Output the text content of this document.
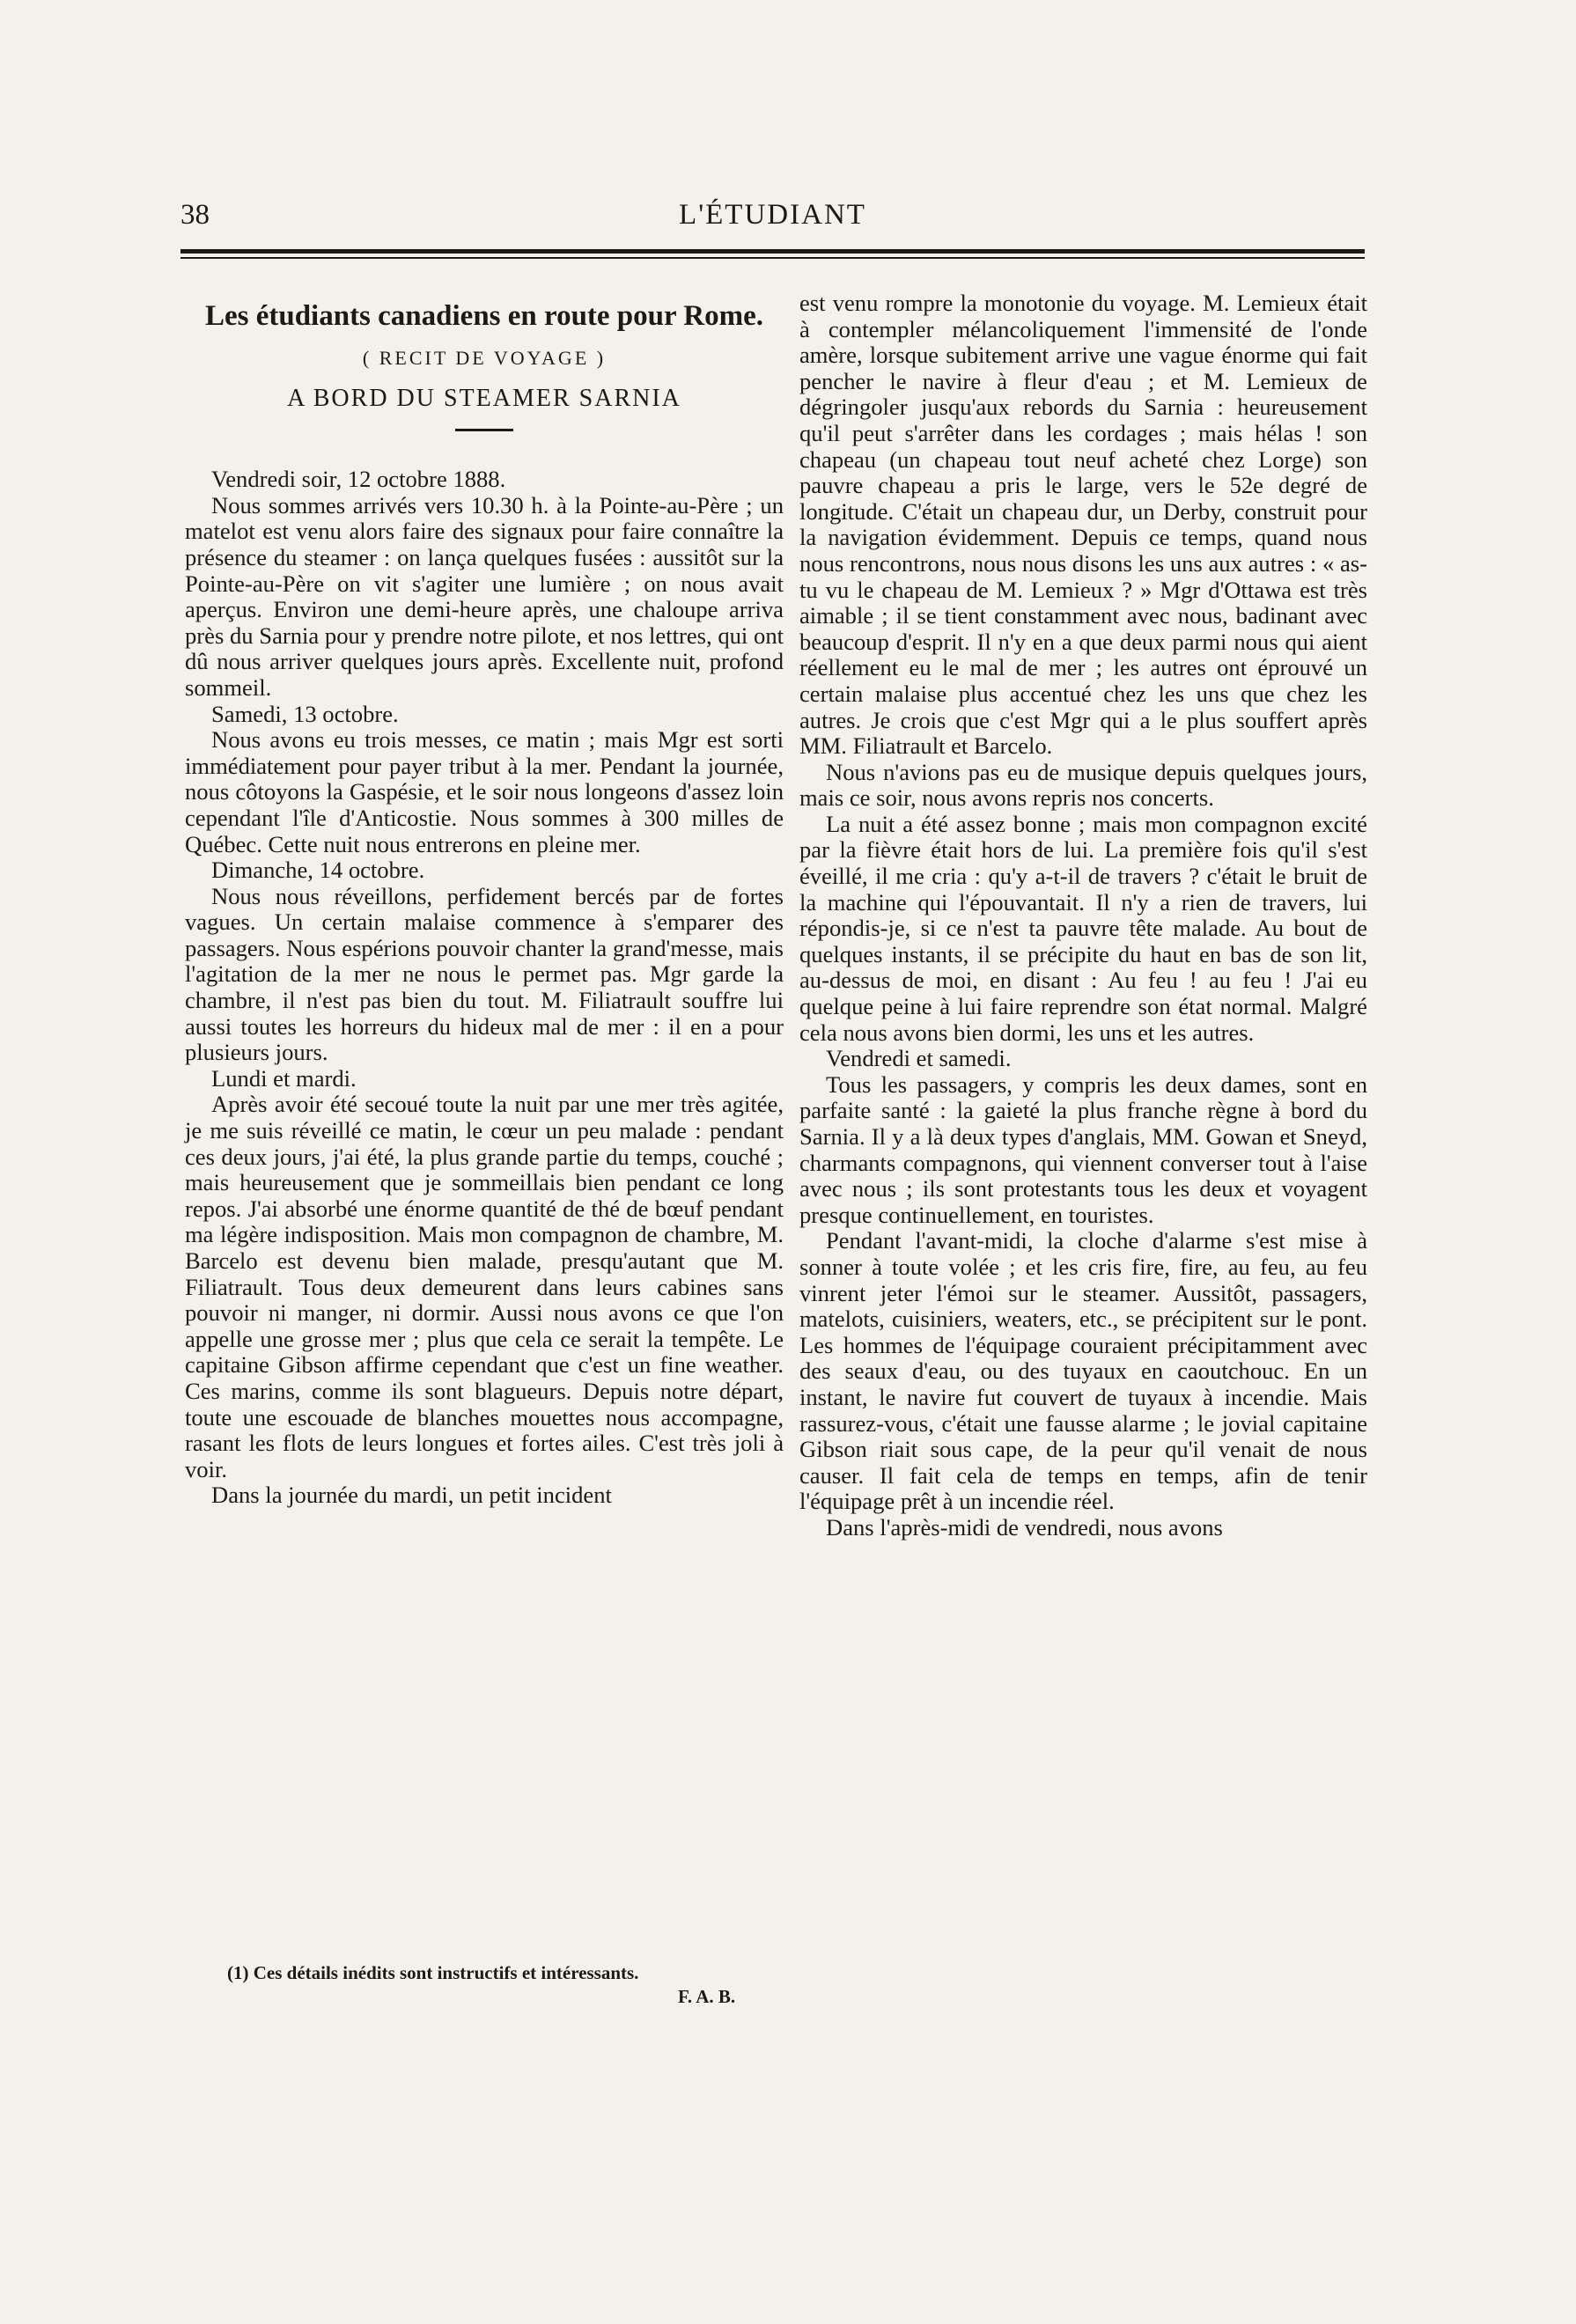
38	L'ÉTUDIANT
Les étudiants canadiens en route pour Rome.
( RECIT DE VOYAGE )
A BORD DU STEAMER SARNIA

Vendredi soir, 12 octobre 1888.

Nous sommes arrivés vers 10.30 h. à la Pointe-au-Père ; un matelot est venu alors faire des signaux pour faire connaître la présence du steamer : on lança quelques fusées : aussitôt sur la Pointe-au-Père on vit s'agiter une lumière ; on nous avait aperçus. Environ une demi-heure après, une chaloupe arriva près du Sarnia pour y prendre notre pilote, et nos lettres, qui ont dû nous arriver quelques jours après. Excellente nuit, profond sommeil.

Samedi, 13 octobre.

Nous avons eu trois messes, ce matin ; mais Mgr est sorti immédiatement pour payer tribut à la mer. Pendant la journée, nous côtoyons la Gaspésie, et le soir nous longeons d'assez loin cependant l'île d'Anticostie. Nous sommes à 300 milles de Québec. Cette nuit nous entrerons en pleine mer.

Dimanche, 14 octobre.

Nous nous réveillons, perfidement bercés par de fortes vagues. Un certain malaise commence à s'emparer des passagers. Nous espérions pouvoir chanter la grand'messe, mais l'agitation de la mer ne nous le permet pas. Mgr garde la chambre, il n'est pas bien du tout. M. Filiatrault souffre lui aussi toutes les horreurs du hideux mal de mer : il en a pour plusieurs jours.

Lundi et mardi.

Après avoir été secoué toute la nuit par une mer très agitée, je me suis réveillé ce matin, le cœur un peu malade : pendant ces deux jours, j'ai été, la plus grande partie du temps, couché ; mais heureusement que je sommeillais bien pendant ce long repos. J'ai absorbé une énorme quantité de thé de bœuf pendant ma légère indisposition. Mais mon compagnon de chambre, M. Barcelo est devenu bien malade, presqu'autant que M. Filiatrault. Tous deux demeurent dans leurs cabines sans pouvoir ni manger, ni dormir. Aussi nous avons ce que l'on appelle une grosse mer ; plus que cela ce serait la tempête. Le capitaine Gibson affirme cependant que c'est un fine weather. Ces marins, comme ils sont blagueurs. Depuis notre départ, toute une escouade de blanches mouettes nous accompagne, rasant les flots de leurs longues et fortes ailes. C'est très joli à voir.

Dans la journée du mardi, un petit incident

est venu rompre la monotonie du voyage. M. Lemieux était à contempler mélancoliquement l'immensité de l'onde amère, lorsque subitement arrive une vague énorme qui fait pencher le navire à fleur d'eau ; et M. Lemieux de dégringoler jusqu'aux rebords du Sarnia : heureusement qu'il peut s'arrêter dans les cordages ; mais hélas ! son chapeau (un chapeau tout neuf acheté chez Lorge) son pauvre chapeau a pris le large, vers le 52e degré de longitude. C'était un chapeau dur, un Derby, construit pour la navigation évidemment. Depuis ce temps, quand nous nous rencontrons, nous nous disons les uns aux autres : « as-tu vu le chapeau de M. Lemieux ? » Mgr d'Ottawa est très aimable ; il se tient constamment avec nous, badinant avec beaucoup d'esprit. Il n'y en a que deux parmi nous qui aient réellement eu le mal de mer ; les autres ont éprouvé un certain malaise plus accentué chez les uns que chez les autres. Je crois que c'est Mgr qui a le plus souffert après MM. Filiatrault et Barcelo.

Nous n'avions pas eu de musique depuis quelques jours, mais ce soir, nous avons repris nos concerts.

La nuit a été assez bonne ; mais mon compagnon excité par la fièvre était hors de lui. La première fois qu'il s'est éveillé, il me cria : qu'y a-t-il de travers ? c'était le bruit de la machine qui l'épouvantait. Il n'y a rien de travers, lui répondis-je, si ce n'est ta pauvre tête malade. Au bout de quelques instants, il se précipite du haut en bas de son lit, au-dessus de moi, en disant : Au feu ! au feu ! J'ai eu quelque peine à lui faire reprendre son état normal. Malgré cela nous avons bien dormi, les uns et les autres.

Vendredi et samedi.

Tous les passagers, y compris les deux dames, sont en parfaite santé : la gaieté la plus franche règne à bord du Sarnia. Il y a là deux types d'anglais, MM. Gowan et Sneyd, charmants compagnons, qui viennent converser tout à l'aise avec nous ; ils sont protestants tous les deux et voyagent presque continuellement, en touristes.

Pendant l'avant-midi, la cloche d'alarme s'est mise à sonner à toute volée ; et les cris fire, fire, au feu, au feu vinrent jeter l'émoi sur le steamer. Aussitôt, passagers, matelots, cuisiniers, weaters, etc., se précipitent sur le pont. Les hommes de l'équipage couraient précipitamment avec des seaux d'eau, ou des tuyaux en caoutchouc. En un instant, le navire fut couvert de tuyaux à incendie. Mais rassurez-vous, c'était une fausse alarme ; le jovial capitaine Gibson riait sous cape, de la peur qu'il venait de nous causer. Il fait cela de temps en temps, afin de tenir l'équipage prêt à un incendie réel.

Dans l'après-midi de vendredi, nous avons

(1) Ces détails inédits sont instructifs et intéressants.
F. A. B.
